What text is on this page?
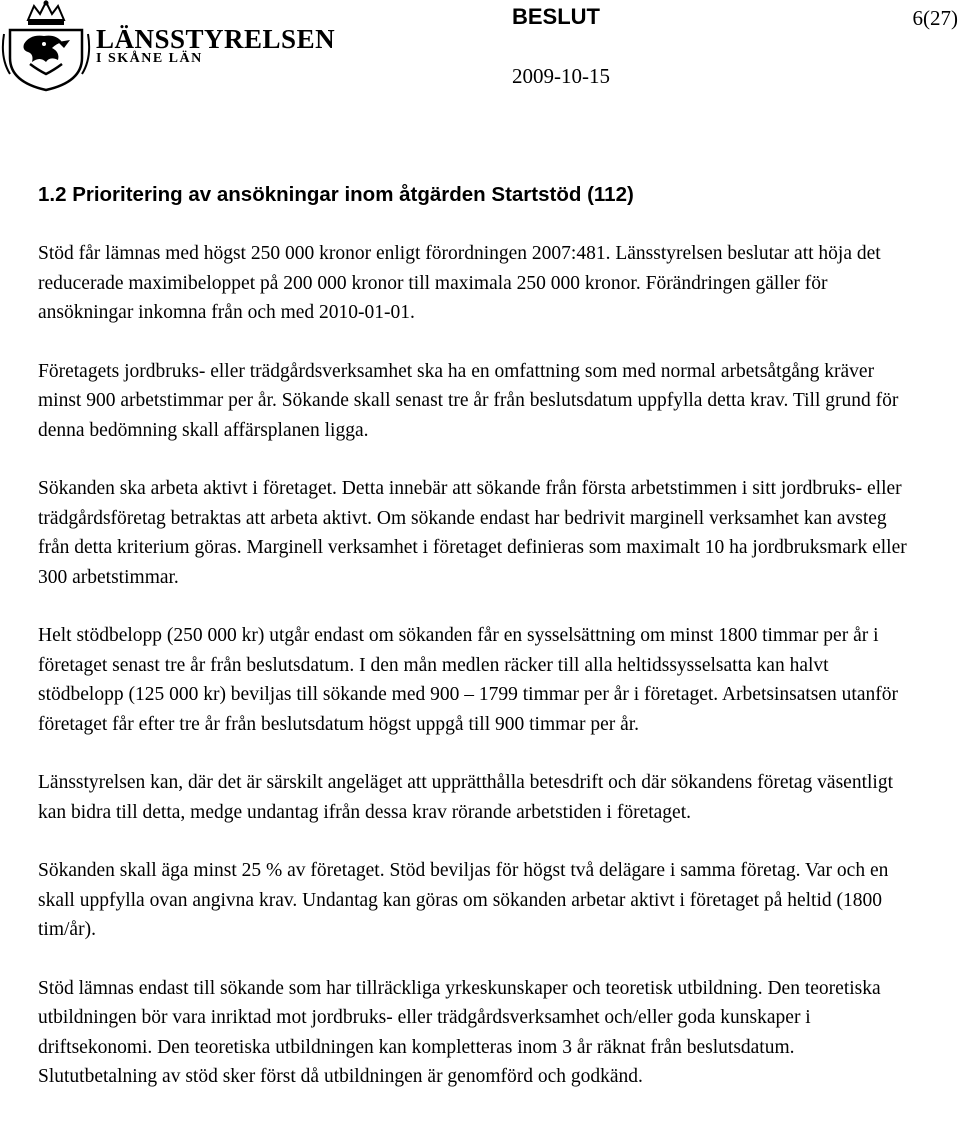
LÄNSSTYRELSEN
I SKÅNE LÄN
BESLUT	6(27)
2009-10-15
1.2 Prioritering av ansökningar inom åtgärden Startstöd (112)

Stöd får lämnas med högst 250 000 kronor enligt förordningen 2007:481. Länsstyrelsen beslutar att höja det reducerade maximibeloppet på 200 000 kronor till maximala 250 000 kronor. Förändringen gäller för ansökningar inkomna från och med 2010-01-01.

Företagets jordbruks- eller trädgårdsverksamhet ska ha en omfattning som med normal arbetsåtgång kräver minst 900 arbetstimmar per år. Sökande skall senast tre år från beslutsdatum uppfylla detta krav. Till grund för denna bedömning skall affärsplanen ligga.

Sökanden ska arbeta aktivt i företaget. Detta innebär att sökande från första arbetstimmen i sitt jordbruks- eller trädgårdsföretag betraktas att arbeta aktivt. Om sökande endast har bedrivit marginell verksamhet kan avsteg från detta kriterium göras. Marginell verksamhet i företaget definieras som maximalt 10 ha jordbruksmark eller 300 arbetstimmar.

Helt stödbelopp (250 000 kr) utgår endast om sökanden får en sysselsättning om minst 1800 timmar per år i företaget senast tre år från beslutsdatum. I den mån medlen räcker till alla heltidssysselsatta kan halvt stödbelopp (125 000 kr) beviljas till sökande med 900 – 1799 timmar per år i företaget. Arbetsinsatsen utanför företaget får efter tre år från beslutsdatum högst uppgå till 900 timmar per år.

Länsstyrelsen kan, där det är särskilt angeläget att upprätthålla betesdrift och där sökandens företag väsentligt kan bidra till detta, medge undantag ifrån dessa krav rörande arbetstiden i företaget.

Sökanden skall äga minst 25 % av företaget. Stöd beviljas för högst två delägare i samma företag. Var och en skall uppfylla ovan angivna krav. Undantag kan göras om sökanden arbetar aktivt i företaget på heltid (1800 tim/år).

Stöd lämnas endast till sökande som har tillräckliga yrkeskunskaper och teoretisk utbildning. Den teoretiska utbildningen bör vara inriktad mot jordbruks- eller trädgårdsverksamhet och/eller goda kunskaper i driftsekonomi. Den teoretiska utbildningen kan kompletteras inom 3 år räknat från beslutsdatum. Slututbetalning av stöd sker först då utbildningen är genomförd och godkänd.
